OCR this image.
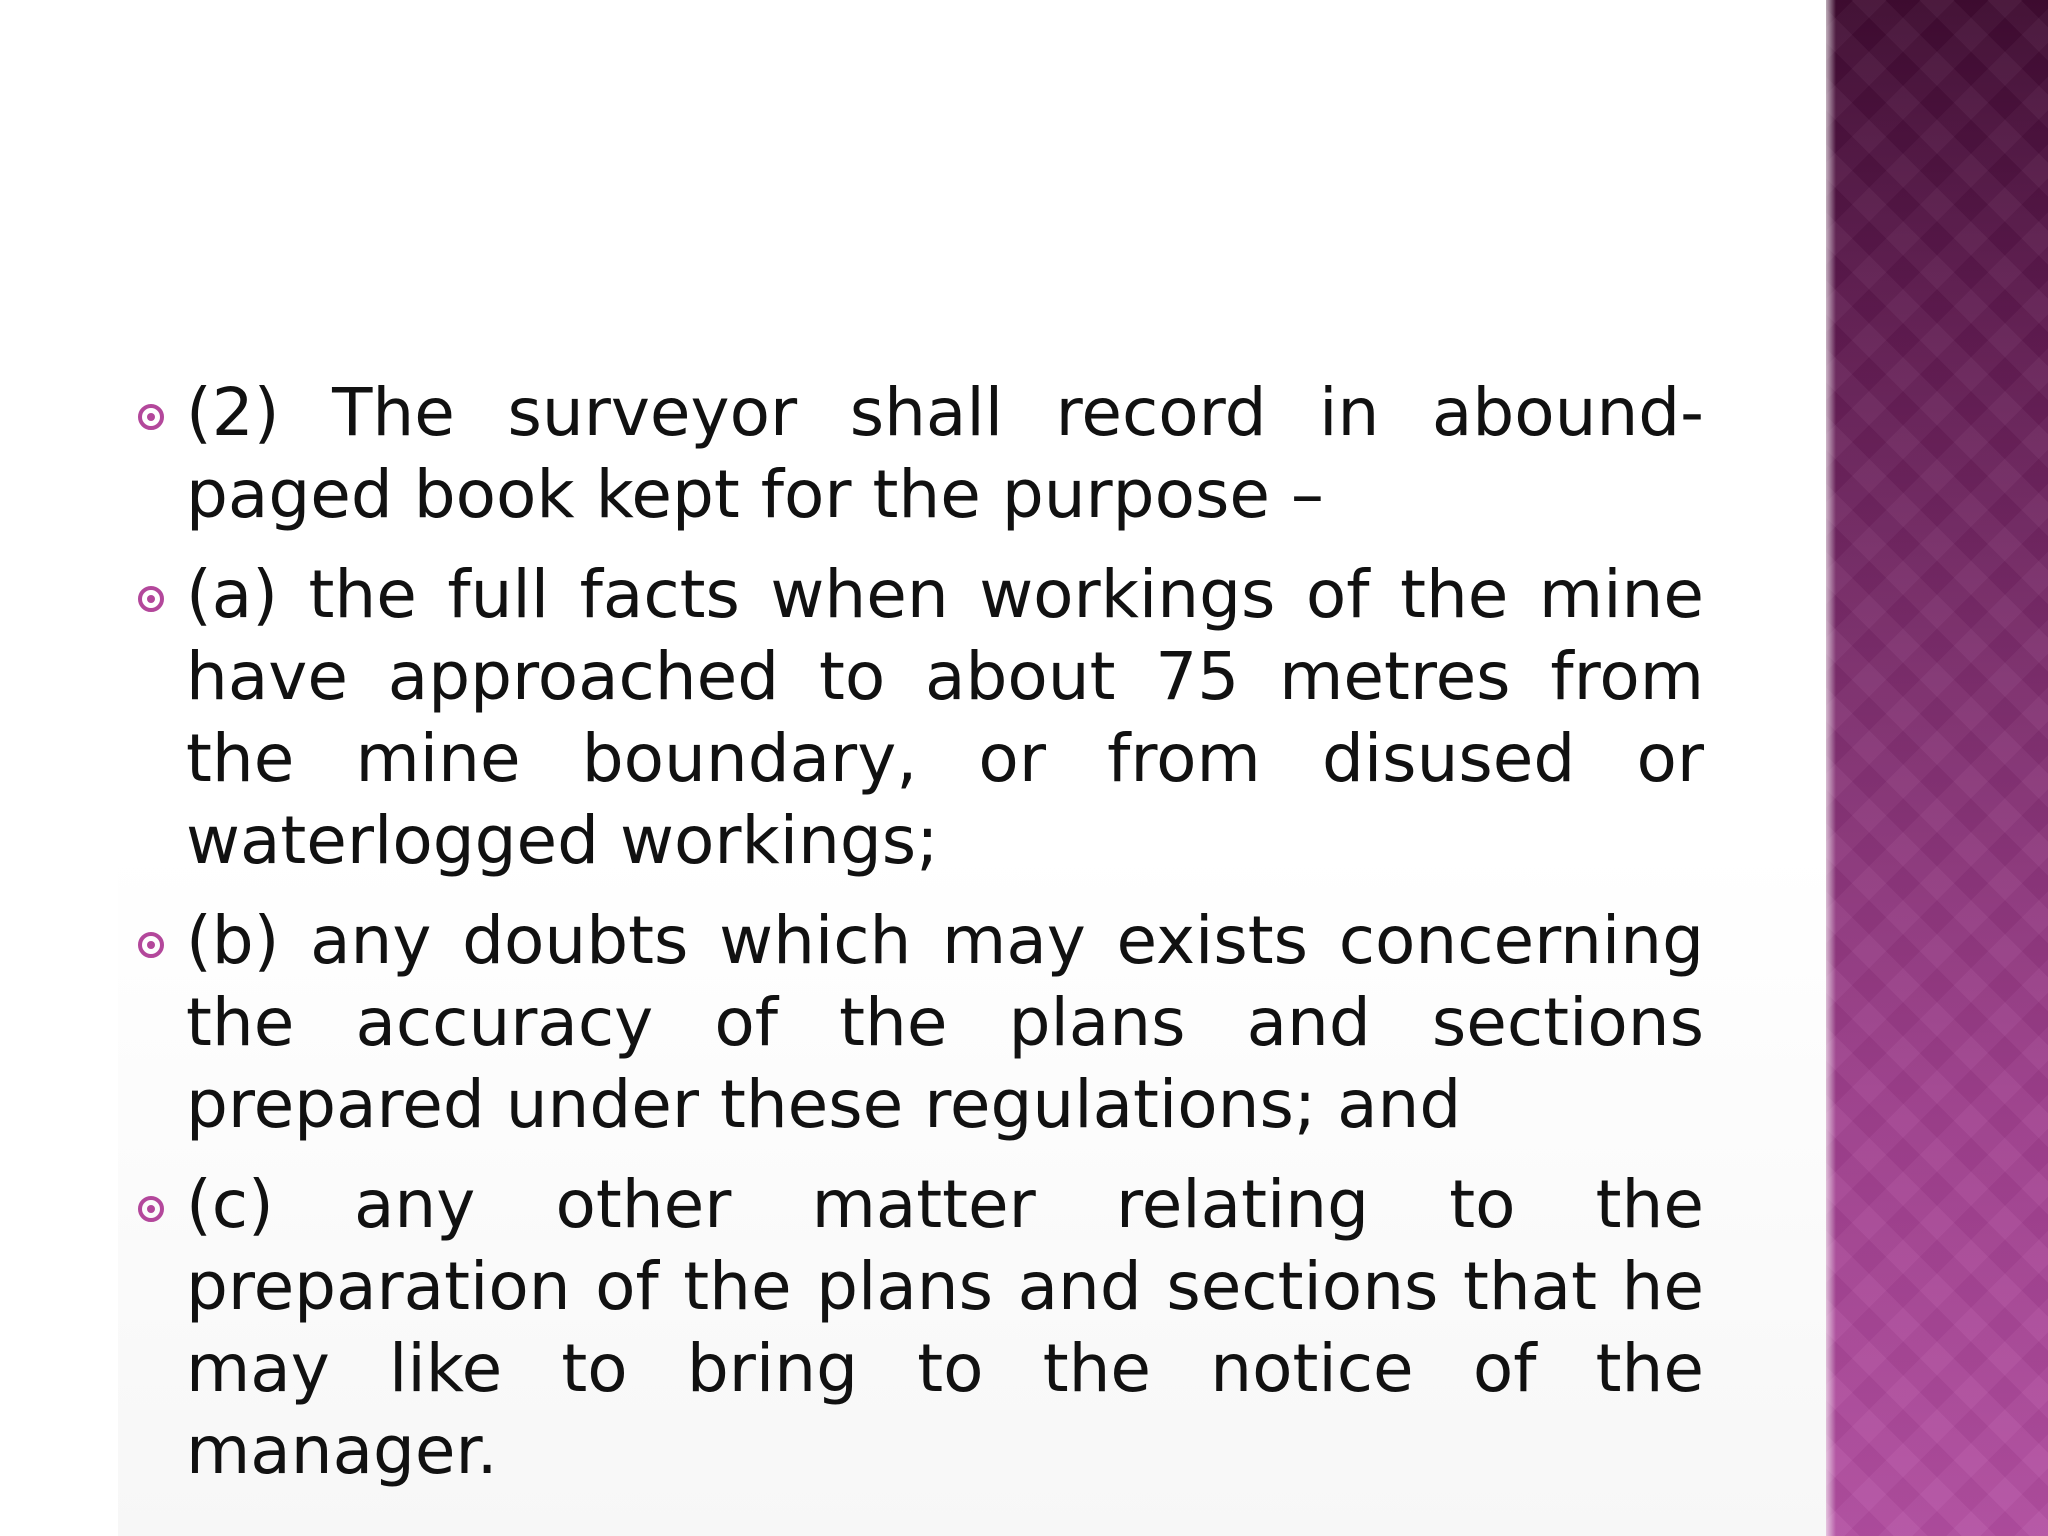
(2) The surveyor shall record in abound-paged book kept for the purpose –
(a) the full facts when workings of the mine have approached to about 75 metres from the mine boundary, or from disused or waterlogged workings;
(b) any doubts which may exists concerning the accuracy of the plans and sections prepared under these regulations; and
(c) any other matter relating to the preparation of the plans and sections that he may like to bring to the notice of the manager.
